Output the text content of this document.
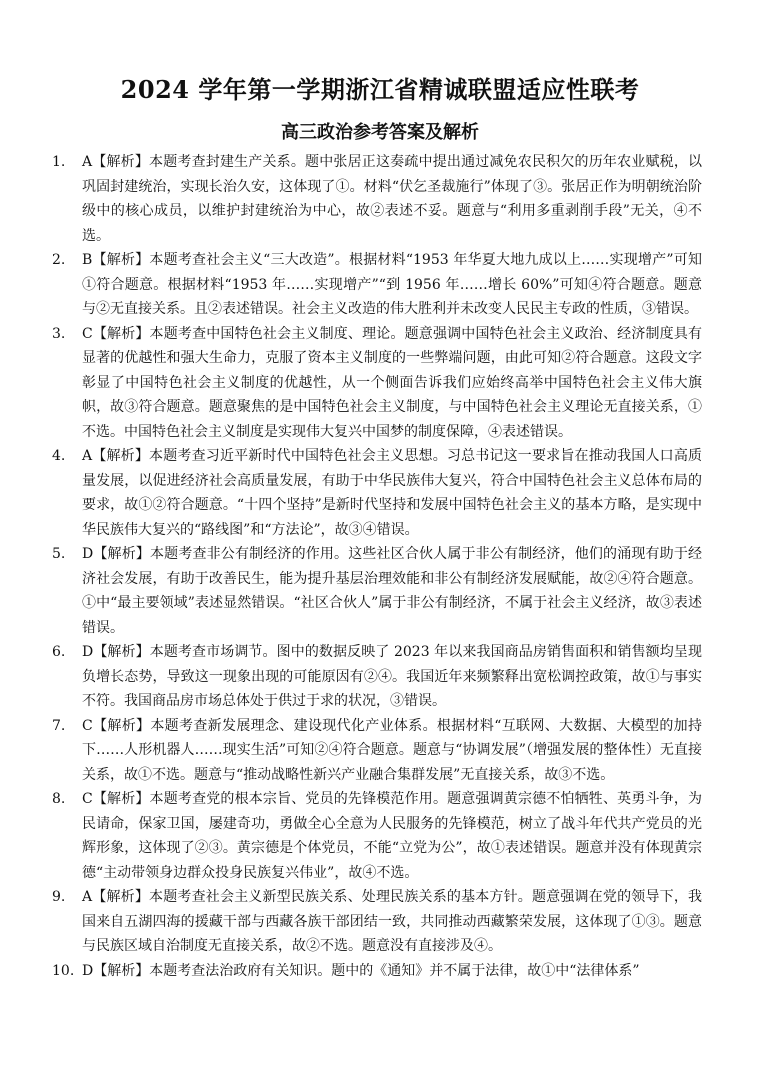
2024 学年第一学期浙江省精诚联盟适应性联考
高三政治参考答案及解析

1.	A【解析】本题考查封建生产关系。题中张居正这奏疏中提出通过减免农民积欠的历年农业赋税，以巩固封建统治，实现长治久安，这体现了①。材料“伏乞圣裁施行”体现了③。张居正作为明朝统治阶级中的核心成员，以维护封建统治为中心，故②表述不妥。题意与“利用多重剥削手段”无关，④不选。

2.	B【解析】本题考查社会主义“三大改造”。根据材料“1953 年华夏大地九成以上……实现增产”可知①符合题意。根据材料“1953 年……实现增产”“到 1956 年……增长 60%”可知④符合题意。题意与②无直接关系。且②表述错误。社会主义改造的伟大胜利并未改变人民民主专政的性质，③错误。

3.	C【解析】本题考查中国特色社会主义制度、理论。题意强调中国特色社会主义政治、经济制度具有显著的优越性和强大生命力，克服了资本主义制度的一些弊端问题，由此可知②符合题意。这段文字彰显了中国特色社会主义制度的优越性，从一个侧面告诉我们应始终高举中国特色社会主义伟大旗帜，故③符合题意。题意聚焦的是中国特色社会主义制度，与中国特色社会主义理论无直接关系，①不选。中国特色社会主义制度是实现伟大复兴中国梦的制度保障，④表述错误。

4.	A【解析】本题考查习近平新时代中国特色社会主义思想。习总书记这一要求旨在推动我国人口高质量发展，以促进经济社会高质量发展，有助于中华民族伟大复兴，符合中国特色社会主义总体布局的要求，故①②符合题意。“十四个坚持”是新时代坚持和发展中国特色社会主义的基本方略，是实现中华民族伟大复兴的“路线图”和“方法论”，故③④错误。

5.	D【解析】本题考查非公有制经济的作用。这些社区合伙人属于非公有制经济，他们的涌现有助于经济社会发展，有助于改善民生，能为提升基层治理效能和非公有制经济发展赋能，故②④符合题意。①中“最主要领域”表述显然错误。“社区合伙人”属于非公有制经济，不属于社会主义经济，故③表述错误。

6.	D【解析】本题考查市场调节。图中的数据反映了 2023 年以来我国商品房销售面积和销售额均呈现负增长态势，导致这一现象出现的可能原因有②④。我国近年来频繁释出宽松调控政策，故①与事实不符。我国商品房市场总体处于供过于求的状况，③错误。

7.	C【解析】本题考查新发展理念、建设现代化产业体系。根据材料“互联网、大数据、大模型的加持下……人形机器人……现实生活”可知②④符合题意。题意与“协调发展”（增强发展的整体性）无直接关系，故①不选。题意与“推动战略性新兴产业融合集群发展”无直接关系，故③不选。

8.	C【解析】本题考查党的根本宗旨、党员的先锋模范作用。题意强调黄宗德不怕牺牲、英勇斗争，为民请命，保家卫国，屡建奇功，勇做全心全意为人民服务的先锋模范，树立了战斗年代共产党员的光辉形象，这体现了②③。黄宗德是个体党员，不能“立党为公”，故①表述错误。题意并没有体现黄宗德“主动带领身边群众投身民族复兴伟业”，故④不选。

9.	A【解析】本题考查社会主义新型民族关系、处理民族关系的基本方针。题意强调在党的领导下，我国来自五湖四海的援藏干部与西藏各族干部团结一致，共同推动西藏繁荣发展，这体现了①③。题意与民族区域自治制度无直接关系，故②不选。题意没有直接涉及④。

10. D【解析】本题考查法治政府有关知识。题中的《通知》并不属于法律，故①中“法律体系”
